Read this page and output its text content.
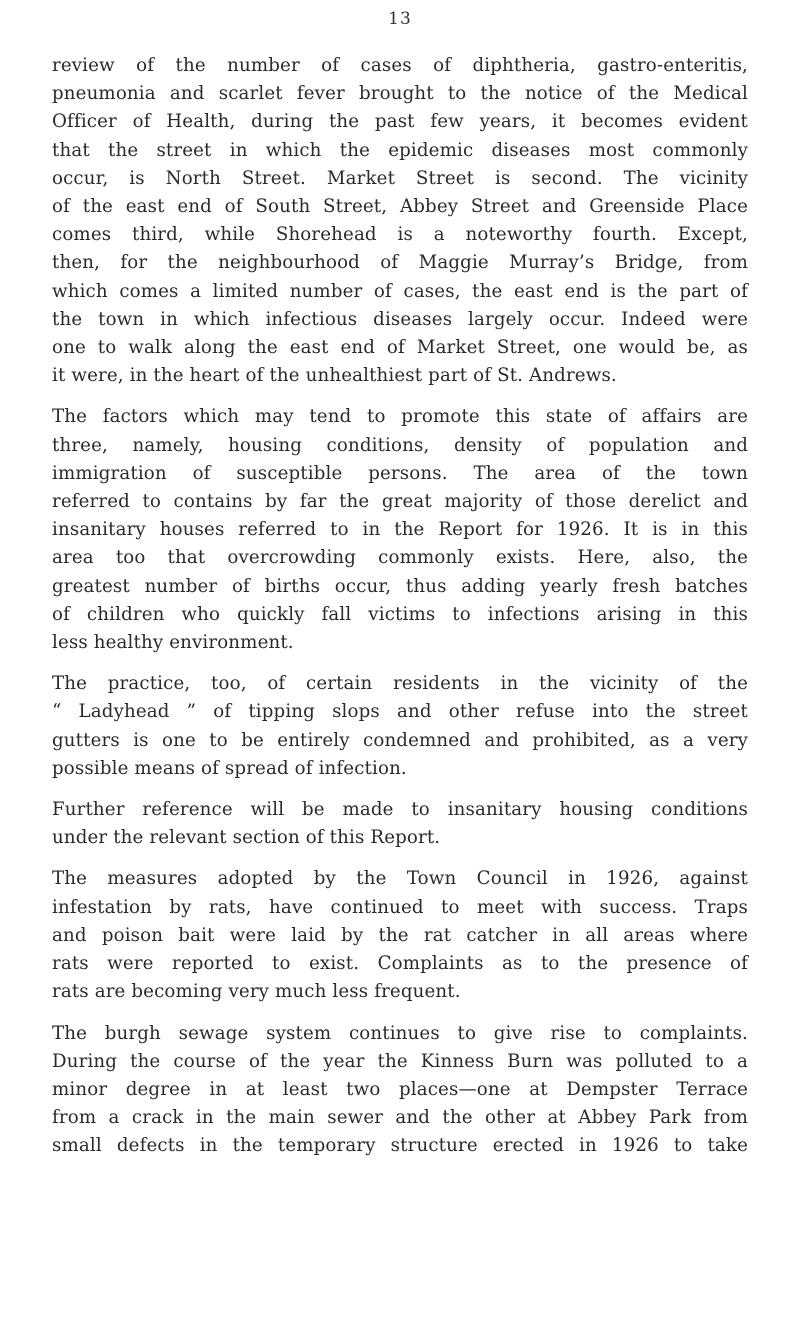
13
review of the number of cases of diphtheria, gastro-enteritis,
pneumonia and scarlet fever brought to the notice of the Medical
Officer of Health, during the past few years, it becomes evident
that the street in which the epidemic diseases most commonly
occur, is North Street. Market Street is second. The vicinity
of the east end of South Street, Abbey Street and Greenside Place
comes third, while Shorehead is a noteworthy fourth. Except,
then, for the neighbourhood of Maggie Murray’s Bridge, from
which comes a limited number of cases, the east end is the part of
the town in which infectious diseases largely occur. Indeed were
one to walk along the east end of Market Street, one would be, as
it were, in the heart of the unhealthiest part of St. Andrews.
The factors which may tend to promote this state of affairs are
three, namely, housing conditions, density of population and
immigration of susceptible persons. The area of the town
referred to contains by far the great majority of those derelict and
insanitary houses referred to in the Report for 1926. It is in this
area too that overcrowding commonly exists. Here, also, the
greatest number of births occur, thus adding yearly fresh batches
of children who quickly fall victims to infections arising in this
less healthy environment.
The practice, too, of certain residents in the vicinity of the
“ Ladyhead ” of tipping slops and other refuse into the street
gutters is one to be entirely condemned and prohibited, as a very
possible means of spread of infection.
Further reference will be made to insanitary housing conditions
under the relevant section of this Report.
The measures adopted by the Town Council in 1926, against
infestation by rats, have continued to meet with success. Traps
and poison bait were laid by the rat catcher in all areas where
rats were reported to exist. Complaints as to the presence of
rats are becoming very much less frequent.
The burgh sewage system continues to give rise to complaints.
During the course of the year the Kinness Burn was polluted to a
minor degree in at least two places—one at Dempster Terrace
from a crack in the main sewer and the other at Abbey Park from
small defects in the temporary structure erected in 1926 to take
